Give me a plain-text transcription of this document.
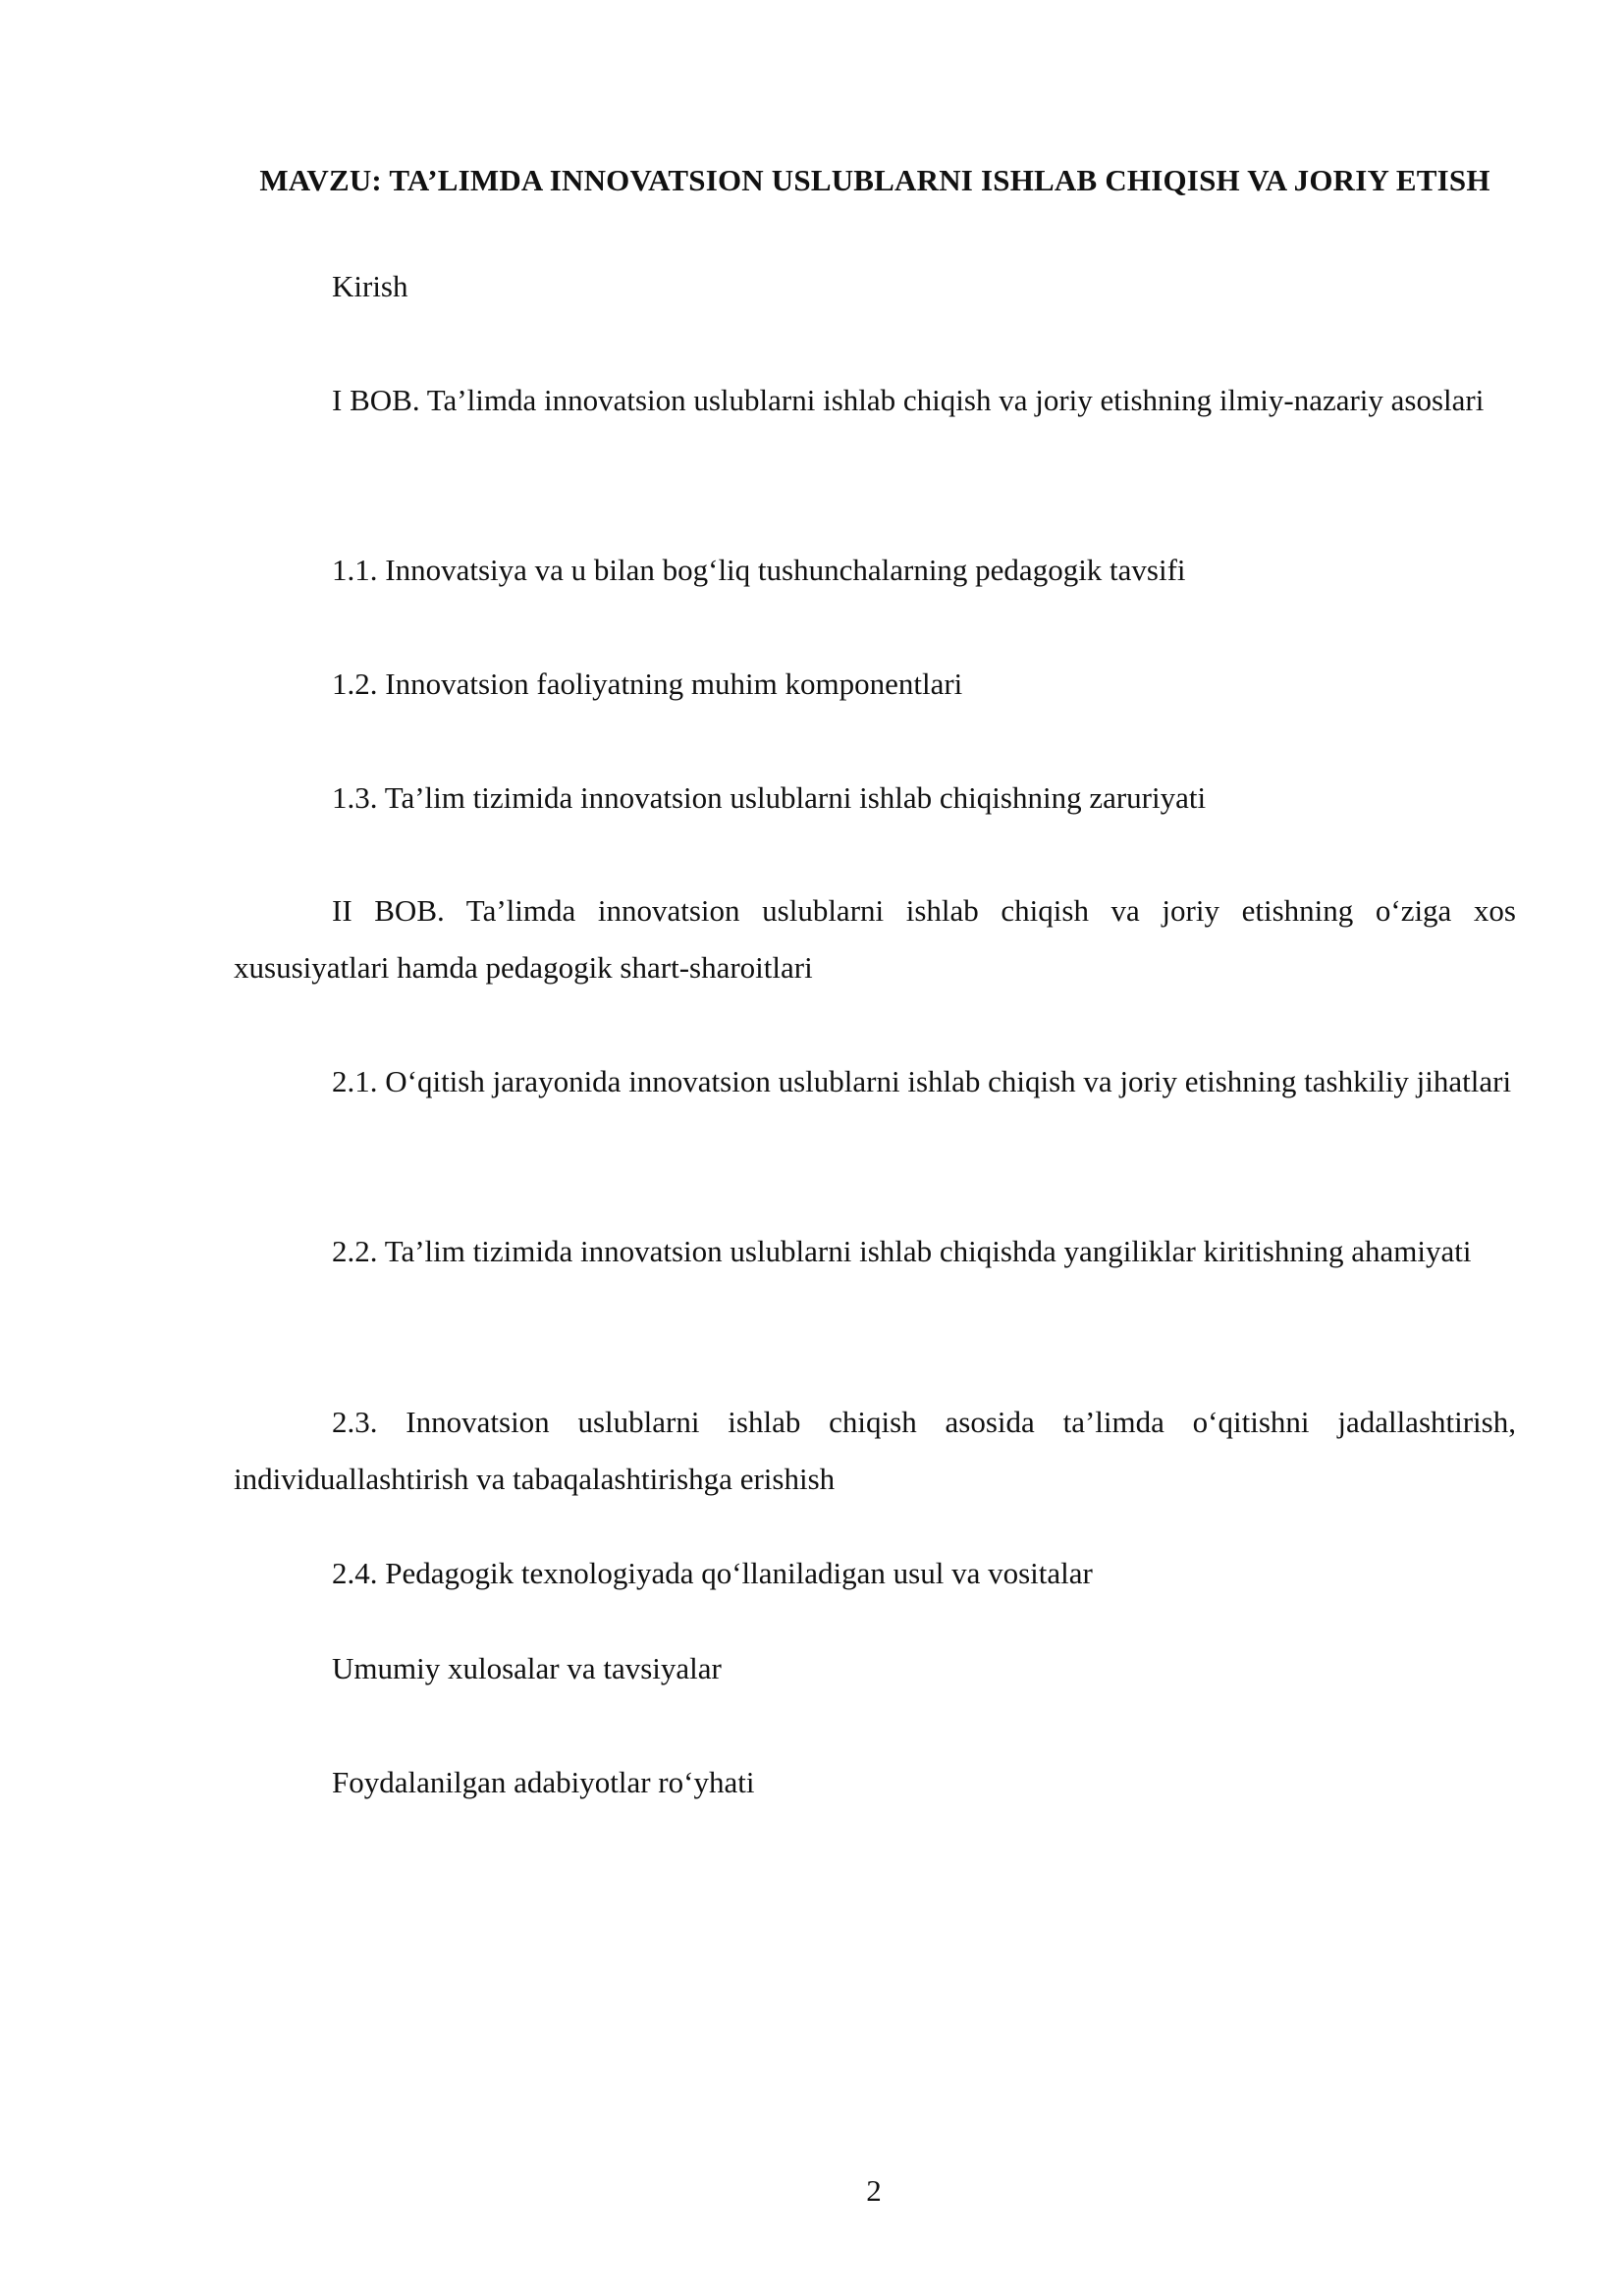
MAVZU: TA’LIMDA INNOVATSION USLUBLARNI ISHLAB CHIQISH VA JORIY ETISH

Kirish

I BOB. Ta’limda innovatsion uslublarni ishlab chiqish va joriy etishning ilmiy-nazariy asoslari

1.1. Innovatsiya va u bilan bog‘liq tushunchalarning pedagogik tavsifi

1.2. Innovatsion faoliyatning muhim komponentlari

1.3. Ta’lim tizimida innovatsion uslublarni ishlab chiqishning zaruriyati

II BOB. Ta’limda innovatsion uslublarni ishlab chiqish va joriy etishning o‘ziga xos xususiyatlari hamda pedagogik shart-sharoitlari

2.1. O‘qitish jarayonida innovatsion uslublarni ishlab chiqish va joriy etishning tashkiliy jihatlari

2.2. Ta’lim tizimida innovatsion uslublarni ishlab chiqishda yangiliklar kiritishning ahamiyati

2.3. Innovatsion uslublarni ishlab chiqish asosida ta’limda o‘qitishni jadallashtirish, individuallashtirish va tabaqalashtirishga erishish

2.4. Pedagogik texnologiyada qo‘llaniladigan usul va vositalar

Umumiy xulosalar va tavsiyalar

Foydalanilgan adabiyotlar ro‘yhati

2
